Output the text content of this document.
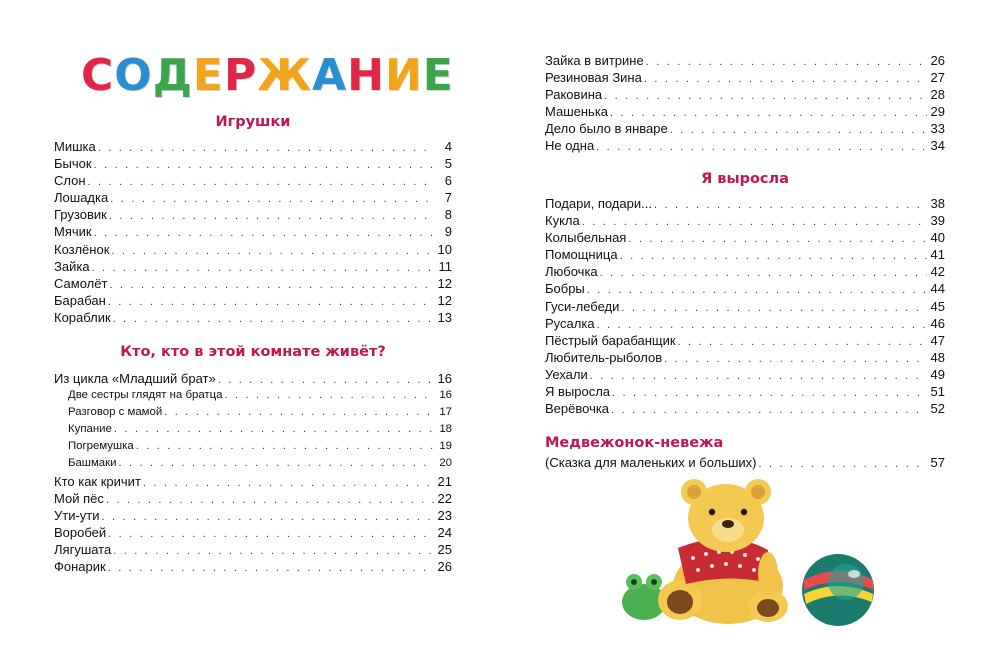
СОДЕРЖАНИЕ
Игрушки
Мишка . . .	4
Бычок . . .	5
Слон . . .	6
Лошадка . . .	7
Грузовик . . .	8
Мячик . . .	9
Козлёнок . . .	10
Зайка . . .	11
Самолёт . . .	12
Барабан . . .	12
Кораблик . . .	13
Кто, кто в этой комнате живёт?
Из цикла «Младший брат» . . .	16
Две сестры глядят на братца . . .	16
Разговор с мамой . . .	17
Купание . . .	18
Погремушка . . .	19
Башмаки . . .	20
Кто как кричит . . .	21
Мой пёс . . .	22
Ути-ути . . .	23
Воробей . . .	24
Лягушата . . .	25
Фонарик . . .	26
Зайка в витрине . . .	26
Резиновая Зина . . .	27
Раковина . . .	28
Машенька . . .	29
Дело было в январе . . .	33
Не одна . . .	34
Я выросла
Подари, подари... . . .	38
Кукла . . .	39
Колыбельная . . .	40
Помощница . . .	41
Любочка . . .	42
Бобры . . .	44
Гуси-лебеди . . .	45
Русалка . . .	46
Пёстрый барабанщик . . .	47
Любитель-рыболов . . .	48
Уехали . . .	49
Я выросла . . .	51
Верёвочка . . .	52
Медвежонок-невежа
(Сказка для маленьких и больших) . . .	57
